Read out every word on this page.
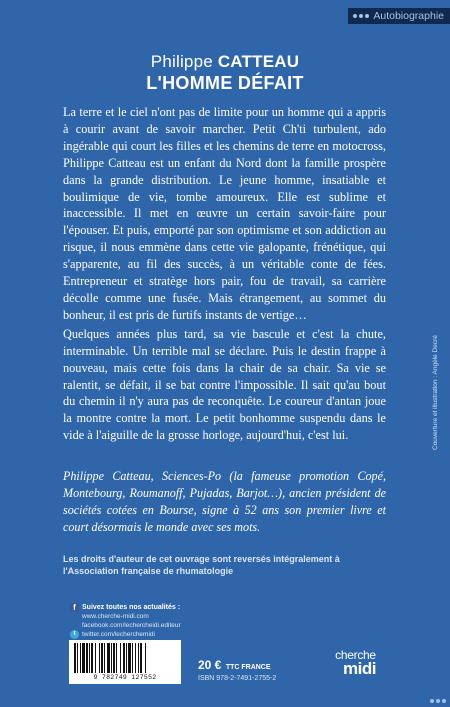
Autobiographie
Philippe CATTEAU
L'HOMME DÉFAIT

La terre et le ciel n'ont pas de limite pour un homme qui a appris à courir avant de savoir marcher. Petit Ch'ti turbulent, ado ingérable qui court les filles et les chemins de terre en motocross, Philippe Catteau est un enfant du Nord dont la famille prospère dans la grande distribution. Le jeune homme, insatiable et boulimique de vie, tombe amoureux. Elle est sublime et inaccessible. Il met en œuvre un certain savoir-faire pour l'épouser. Et puis, emporté par son optimisme et son addiction au risque, il nous emmène dans cette vie galopante, frénétique, qui s'apparente, au fil des succès, à un véritable conte de fées. Entrepreneur et stratège hors pair, fou de travail, sa carrière décolle comme une fusée. Mais étrangement, au sommet du bonheur, il est pris de furtifs instants de vertige…

Quelques années plus tard, sa vie bascule et c'est la chute, interminable. Un terrible mal se déclare. Puis le destin frappe à nouveau, mais cette fois dans la chair de sa chair. Sa vie se ralentit, se défait, il se bat contre l'impossible. Il sait qu'au bout du chemin il n'y aura pas de reconquête. Le coureur d'antan joue la montre contre la mort. Le petit bonhomme suspendu dans le vide à l'aiguille de la grosse horloge, aujourd'hui, c'est lui.

Philippe Catteau, Sciences-Po (la fameuse promotion Copé, Montebourg, Roumanoff, Pujadas, Barjot…), ancien président de sociétés cotées en Bourse, signe à 52 ans son premier livre et court désormais le monde avec ses mots.
Les droits d'auteur de cet ouvrage sont reversés intégralement à l'Association française de rhumatologie
Couverture et illustration : Angèle Decré
f Suivez toutes nos actualités :
www.cherche-midi.com
facebook.com/lechercheidi.editeur
t	twitter.com/lecherchemidi
9 782749 127552
20 € TTC FRANCE
ISBN 978-2-7491-2755-2
cherche
midi
